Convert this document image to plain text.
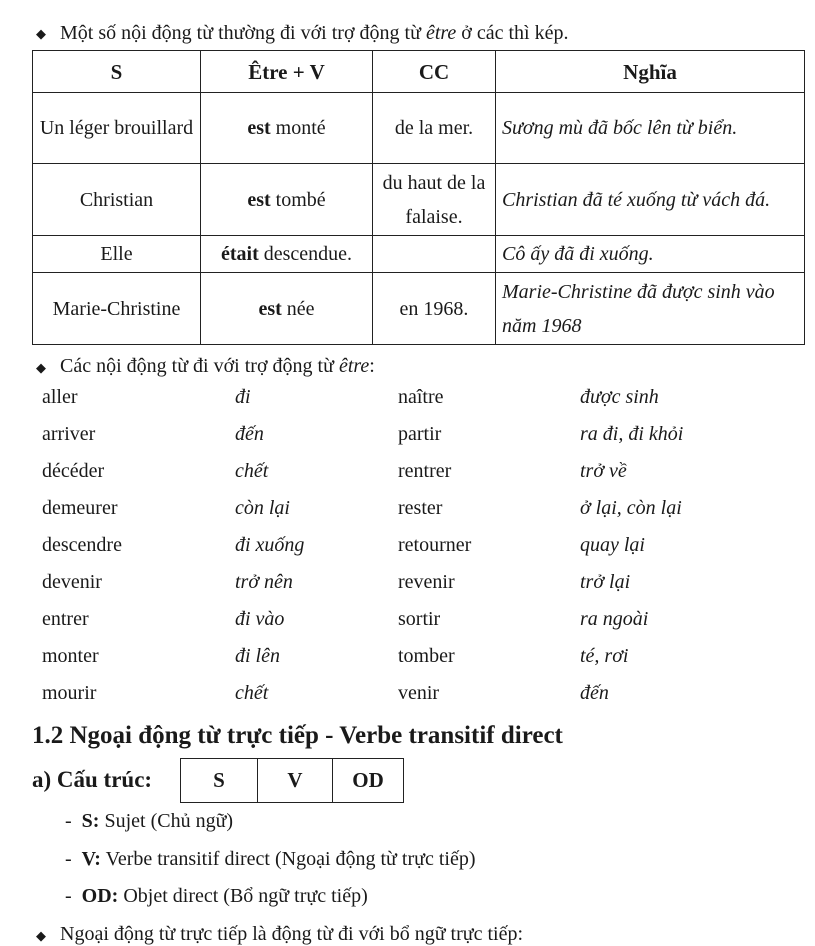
◆ Một số nội động từ thường đi với trợ động từ être ở các thì kép.
S	Être + V	CC	Nghĩa
Un léger brouillard	est monté	de la mer.	Sương mù đã bốc lên từ biển.
Christian	est tombé	du haut de la falaise.	Christian đã té xuống từ vách đá.
Elle	était descendue.		Cô ấy đã đi xuống.
Marie-Christine	est née	en 1968.	Marie-Christine đã được sinh vào năm 1968
◆ Các nội động từ đi với trợ động từ être:
aller	đi	naître	được sinh
arriver	đến	partir	ra đi, đi khỏi
décéder	chết	rentrer	trở về
demeurer	còn lại	rester	ở lại, còn lại
descendre	đi xuống	retourner	quay lại
devenir	trở nên	revenir	trở lại
entrer	đi vào	sortir	ra ngoài
monter	đi lên	tomber	té, rơi
mourir	chết	venir	đến
1.2 Ngoại động từ trực tiếp - Verbe transitif direct
a) Cấu trúc:	S	V	OD
-  S: Sujet (Chủ ngữ)
-  V: Verbe transitif direct (Ngoại động từ trực tiếp)
-  OD: Objet direct (Bổ ngữ trực tiếp)
◆ Ngoại động từ trực tiếp là động từ đi với bổ ngữ trực tiếp:
